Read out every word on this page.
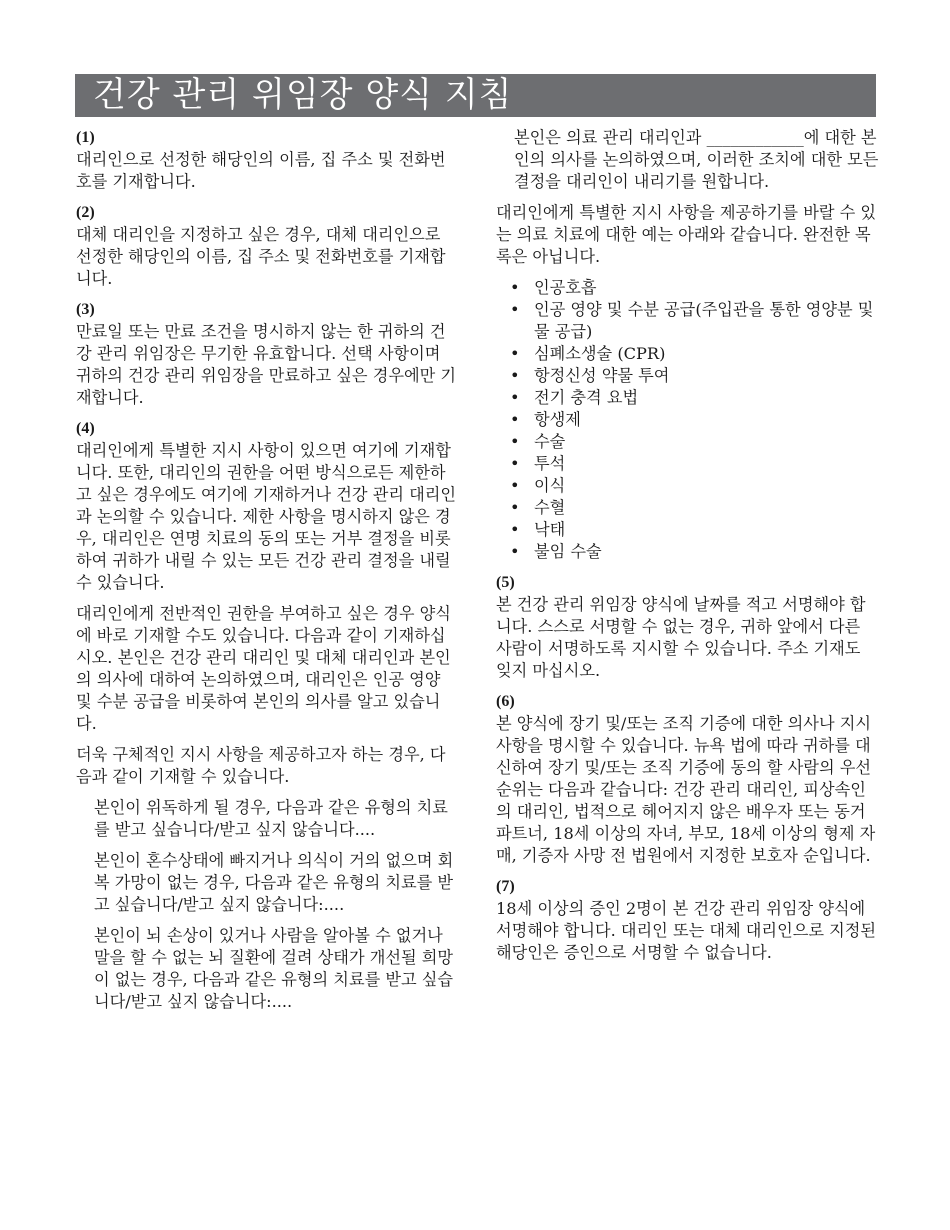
건강 관리 위임장 양식 지침
(1)

대리인으로 선정한 해당인의 이름, 집 주소 및 전화번호를 기재합니다.

(2)

대체 대리인을 지정하고 싶은 경우, 대체 대리인으로 선정한 해당인의 이름, 집 주소 및 전화번호를 기재합니다.

(3)

만료일 또는 만료 조건을 명시하지 않는 한 귀하의 건강 관리 위임장은 무기한 유효합니다. 선택 사항이며 귀하의 건강 관리 위임장을 만료하고 싶은 경우에만 기재합니다.

(4)

대리인에게 특별한 지시 사항이 있으면 여기에 기재합니다. 또한, 대리인의 권한을 어떤 방식으로든 제한하고 싶은 경우에도 여기에 기재하거나 건강 관리 대리인과 논의할 수 있습니다. 제한 사항을 명시하지 않은 경우, 대리인은 연명 치료의 동의 또는 거부 결정을 비롯하여 귀하가 내릴 수 있는 모든 건강 관리 결정을 내릴 수 있습니다.

대리인에게 전반적인 권한을 부여하고 싶은 경우 양식에 바로 기재할 수도 있습니다. 다음과 같이 기재하십시오. 본인은 건강 관리 대리인 및 대체 대리인과 본인의 의사에 대하여 논의하였으며, 대리인은 인공 영양 및 수분 공급을 비롯하여 본인의 의사를 알고 있습니다.

더욱 구체적인 지시 사항을 제공하고자 하는 경우, 다음과 같이 기재할 수 있습니다.

본인이 위독하게 될 경우, 다음과 같은 유형의 치료를 받고 싶습니다/받고 싶지 않습니다....

본인이 혼수상태에 빠지거나 의식이 거의 없으며 회복 가망이 없는 경우, 다음과 같은 유형의 치료를 받고 싶습니다/받고 싶지 않습니다:....

본인이 뇌 손상이 있거나 사람을 알아볼 수 없거나 말을 할 수 없는 뇌 질환에 걸려 상태가 개선될 희망이 없는 경우, 다음과 같은 유형의 치료를 받고 싶습니다/받고 싶지 않습니다:....

본인은 의료 관리 대리인과 ____________에 대한 본인의 의사를 논의하였으며, 이러한 조치에 대한 모든 결정을 대리인이 내리기를 원합니다.

대리인에게 특별한 지시 사항을 제공하기를 바랄 수 있는 의료 치료에 대한 예는 아래와 같습니다. 완전한 목록은 아닙니다.

• 인공호흡
• 인공 영양 및 수분 공급(주입관을 통한 영양분 및 물 공급)
• 심폐소생술 (CPR)
• 항정신성 약물 투여
• 전기 충격 요법
• 항생제
• 수술
• 투석
• 이식
• 수혈
• 낙태
• 불임 수술
(5)

본 건강 관리 위임장 양식에 날짜를 적고 서명해야 합니다. 스스로 서명할 수 없는 경우, 귀하 앞에서 다른 사람이 서명하도록 지시할 수 있습니다. 주소 기재도 잊지 마십시오.

(6)

본 양식에 장기 및/또는 조직 기증에 대한 의사나 지시 사항을 명시할 수 있습니다. 뉴욕 법에 따라 귀하를 대신하여 장기 및/또는 조직 기증에 동의 할 사람의 우선 순위는 다음과 같습니다: 건강 관리 대리인, 피상속인의 대리인, 법적으로 헤어지지 않은 배우자 또는 동거 파트너, 18세 이상의 자녀, 부모, 18세 이상의 형제 자매, 기증자 사망 전 법원에서 지정한 보호자 순입니다.

(7)

18세 이상의 증인 2명이 본 건강 관리 위임장 양식에 서명해야 합니다. 대리인 또는 대체 대리인으로 지정된 해당인은 증인으로 서명할 수 없습니다.
